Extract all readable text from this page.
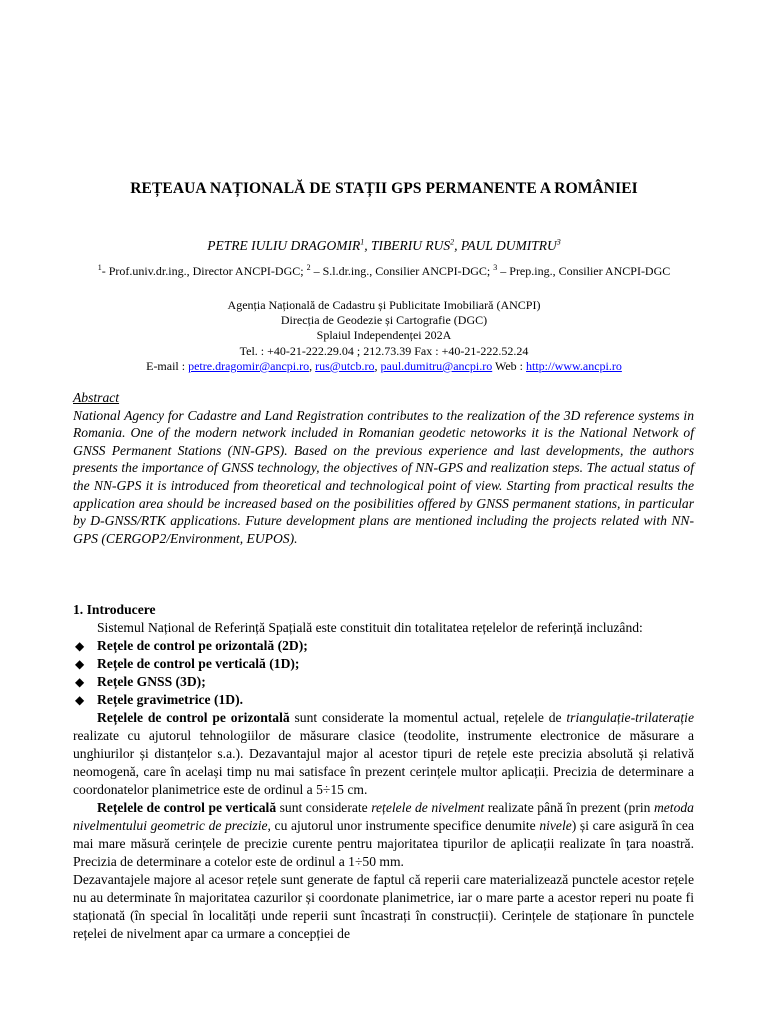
REȚEAUA NAȚIONALĂ DE STAȚII GPS PERMANENTE A ROMÂNIEI
PETRE IULIU DRAGOMIR$^1$, TIBERIU RUS$^2$, PAUL DUMITRU$^3$
$^1$- Prof.univ.dr.ing., Director ANCPI-DGC; $^2$ – S.l.dr.ing., Consilier ANCPI-DGC; $^3$ – Prep.ing., Consilier ANCPI-DGC
Agenția Națională de Cadastru și Publicitate Imobiliară (ANCPI)
Direcția de Geodezie și Cartografie (DGC)
Splaiul Independenței 202A
Tel. : +40-21-222.29.04 ; 212.73.39 Fax : +40-21-222.52.24
E-mail : petre.dragomir@ancpi.ro, rus@utcb.ro, paul.dumitru@ancpi.ro Web : http://www.ancpi.ro
Abstract

National Agency for Cadastre and Land Registration contributes to the realization of the 3D reference systems in Romania. One of the modern network included in Romanian geodetic netoworks it is the National Network of GNSS Permanent Stations (NN-GPS). Based on the previous experience and last developments, the authors presents the importance of GNSS technology, the objectives of NN-GPS and realization steps. The actual status of the NN-GPS it is introduced from theoretical and technological point of view. Starting from practical results the application area should be increased based on the posibilities offered by GNSS permanent stations, in particular by D-GNSS/RTK applications. Future development plans are mentioned including the projects related with NN-GPS (CERGOP2/Environment, EUPOS).

1. Introducere

Sistemul Național de Referință Spațială este constituit din totalitatea rețelelor de referință incluzând:

◆ Rețele de control pe orizontală (2D);
◆ Rețele de control pe verticală (1D);
◆ Rețele GNSS (3D);
◆ Rețele gravimetrice (1D).

Rețelele de control pe orizontală sunt considerate la momentul actual, rețelele de triangulație-trilaterație realizate cu ajutorul tehnologiilor de măsurare clasice (teodolite, instrumente electronice de măsurare a unghiurilor și distanțelor s.a.). Dezavantajul major al acestor tipuri de rețele este precizia absolută și relativă neomogenă, care în același timp nu mai satisface în prezent cerințele multor aplicații. Precizia de determinare a coordonatelor planimetrice este de ordinul a 5÷15 cm.

Rețelele de control pe verticală sunt considerate rețelele de nivelment realizate până în prezent (prin metoda nivelmentului geometric de precizie, cu ajutorul unor instrumente specifice denumite nivele) și care asigură în cea mai mare măsură cerințele de precizie curente pentru majoritatea tipurilor de aplicații realizate în țara noastră. Precizia de determinare a cotelor este de ordinul a 1÷50 mm.

Dezavantajele majore al acesor rețele sunt generate de faptul că reperii care materializează punctele acestor rețele nu au determinate în majoritatea cazurilor și coordonate planimetrice, iar o mare parte a acestor reperi nu poate fi staționată (în special în localități unde reperii sunt încastrați în construcții). Cerințele de staționare în punctele rețelei de nivelment apar ca urmare a concepției de
